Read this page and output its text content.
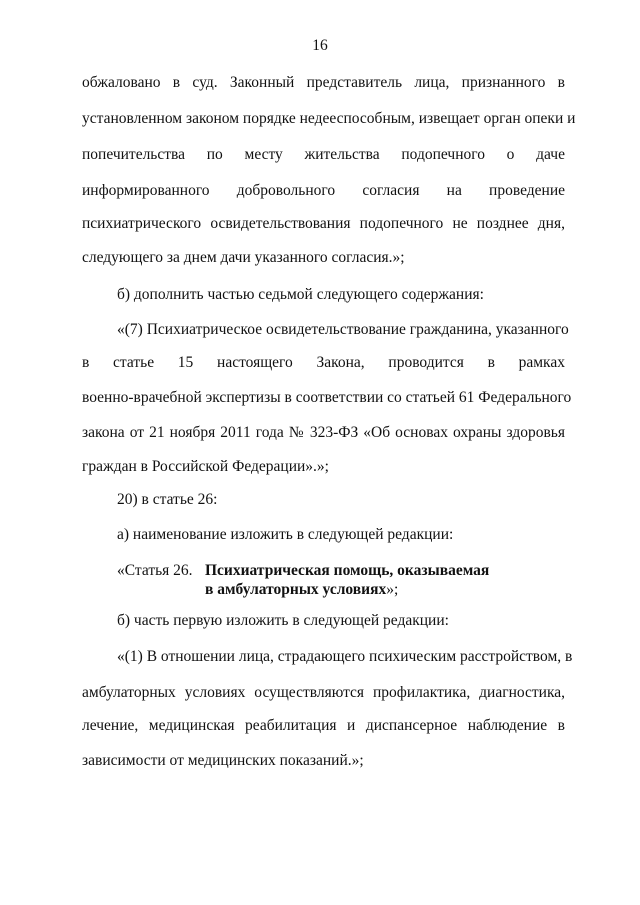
16
обжаловано в суд. Законный представитель лица, признанного в
установленном законом порядке недееспособным, извещает орган опеки и
попечительства по месту жительства подопечного о даче
информированного добровольного согласия на проведение
психиатрического освидетельствования подопечного не позднее дня,
следующего за днем дачи указанного согласия.»;
б) дополнить частью седьмой следующего содержания:
«(7) Психиатрическое освидетельствование гражданина, указанного
в статье 15 настоящего Закона, проводится в рамках
военно-врачебной экспертизы в соответствии со статьей 61 Федерального
закона от 21 ноября 2011 года № 323-ФЗ «Об основах охраны здоровья
граждан в Российской Федерации».»;
20) в статье 26:
а) наименование изложить в следующей редакции:
«Статья 26. Психиатрическая помощь, оказываемая
в амбулаторных условиях»;
б) часть первую изложить в следующей редакции:
«(1) В отношении лица, страдающего психическим расстройством, в
амбулаторных условиях осуществляются профилактика, диагностика,
лечение, медицинская реабилитация и диспансерное наблюдение в
зависимости от медицинских показаний.»;
